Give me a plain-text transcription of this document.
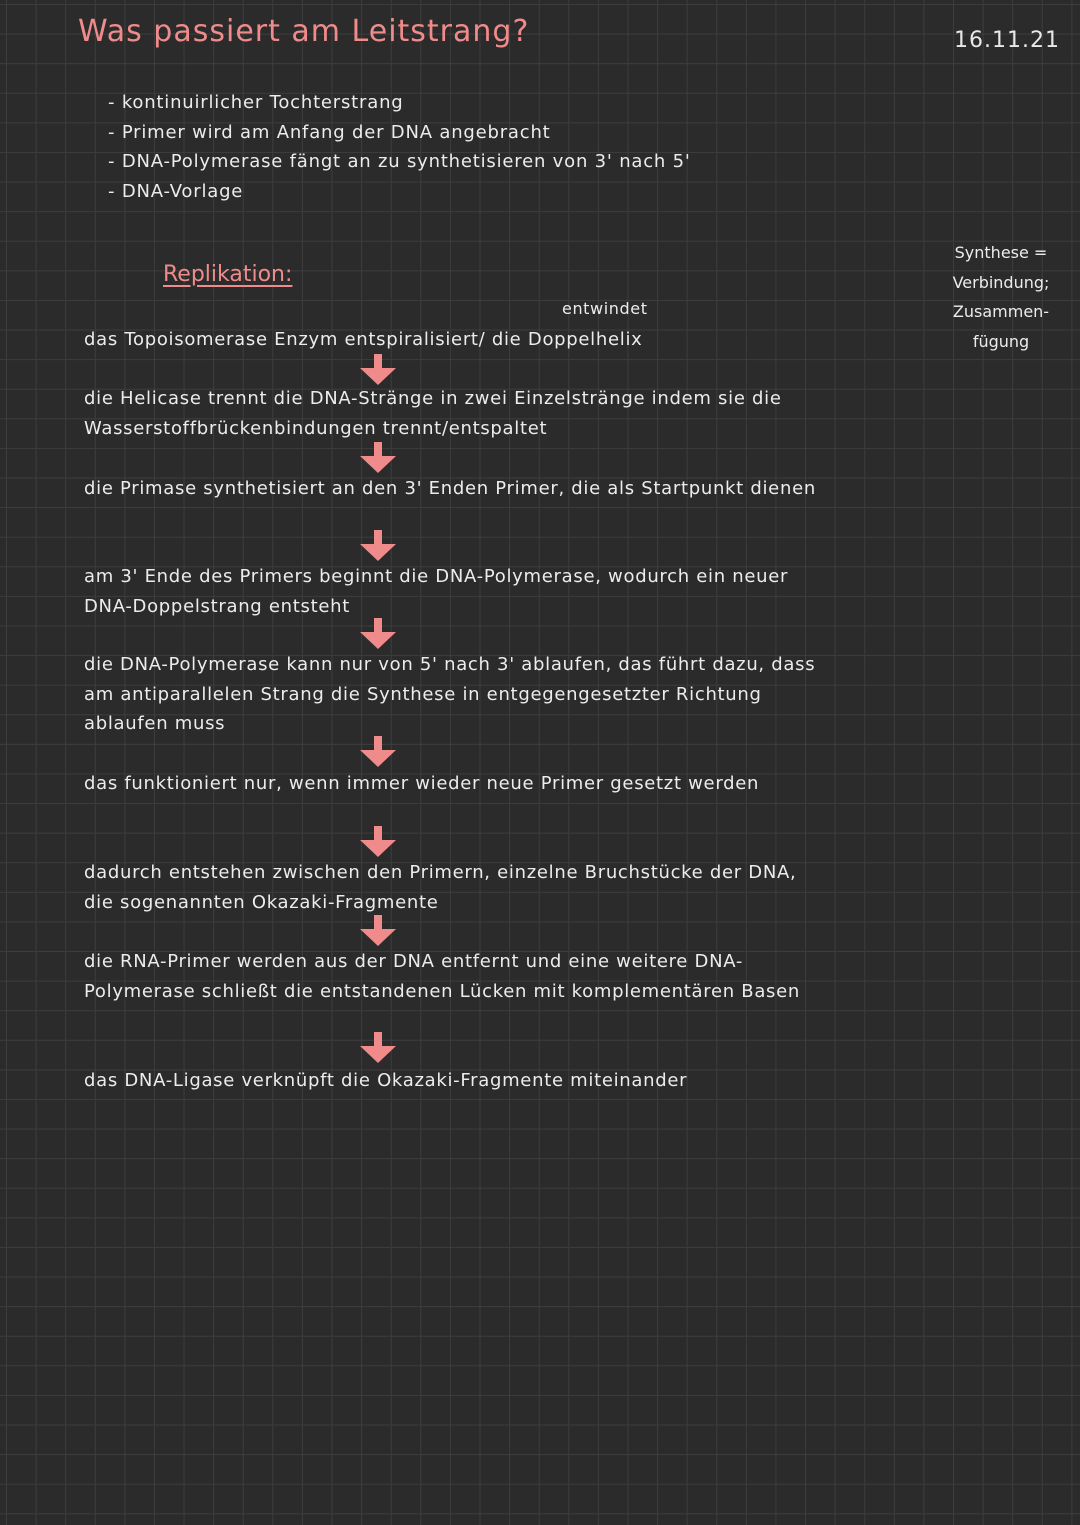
Was passiert am Leitstrang?	16.11.21
- kontinuirlicher Tochterstrang
- Primer wird am Anfang der DNA angebracht
- DNA-Polymerase fängt an zu synthetisieren von 3' nach 5'
- DNA-Vorlage
Synthese =
Verbindung;
Zusammen-
fügung
Replikation:
entwindet
das Topoisomerase Enzym entspiralisiert/ die Doppelhelix
die Helicase trennt die DNA-Stränge in zwei Einzelstränge indem sie die Wasserstoffbrückenbindungen trennt/entspaltet
die Primase synthetisiert an den 3' Enden Primer, die als Startpunkt dienen
am 3' Ende des Primers beginnt die DNA-Polymerase, wodurch ein neuer DNA-Doppelstrang entsteht
die DNA-Polymerase kann nur von 5' nach 3' ablaufen, das führt dazu, dass am antiparallelen Strang die Synthese in entgegengesetzter Richtung ablaufen muss
das funktioniert nur, wenn immer wieder neue Primer gesetzt werden
dadurch entstehen zwischen den Primern, einzelne Bruchstücke der DNA, die sogenannten Okazaki-Fragmente
die RNA-Primer werden aus der DNA entfernt und eine weitere DNA-Polymerase schließt die entstandenen Lücken mit komplementären Basen
das DNA-Ligase verknüpft die Okazaki-Fragmente miteinander
